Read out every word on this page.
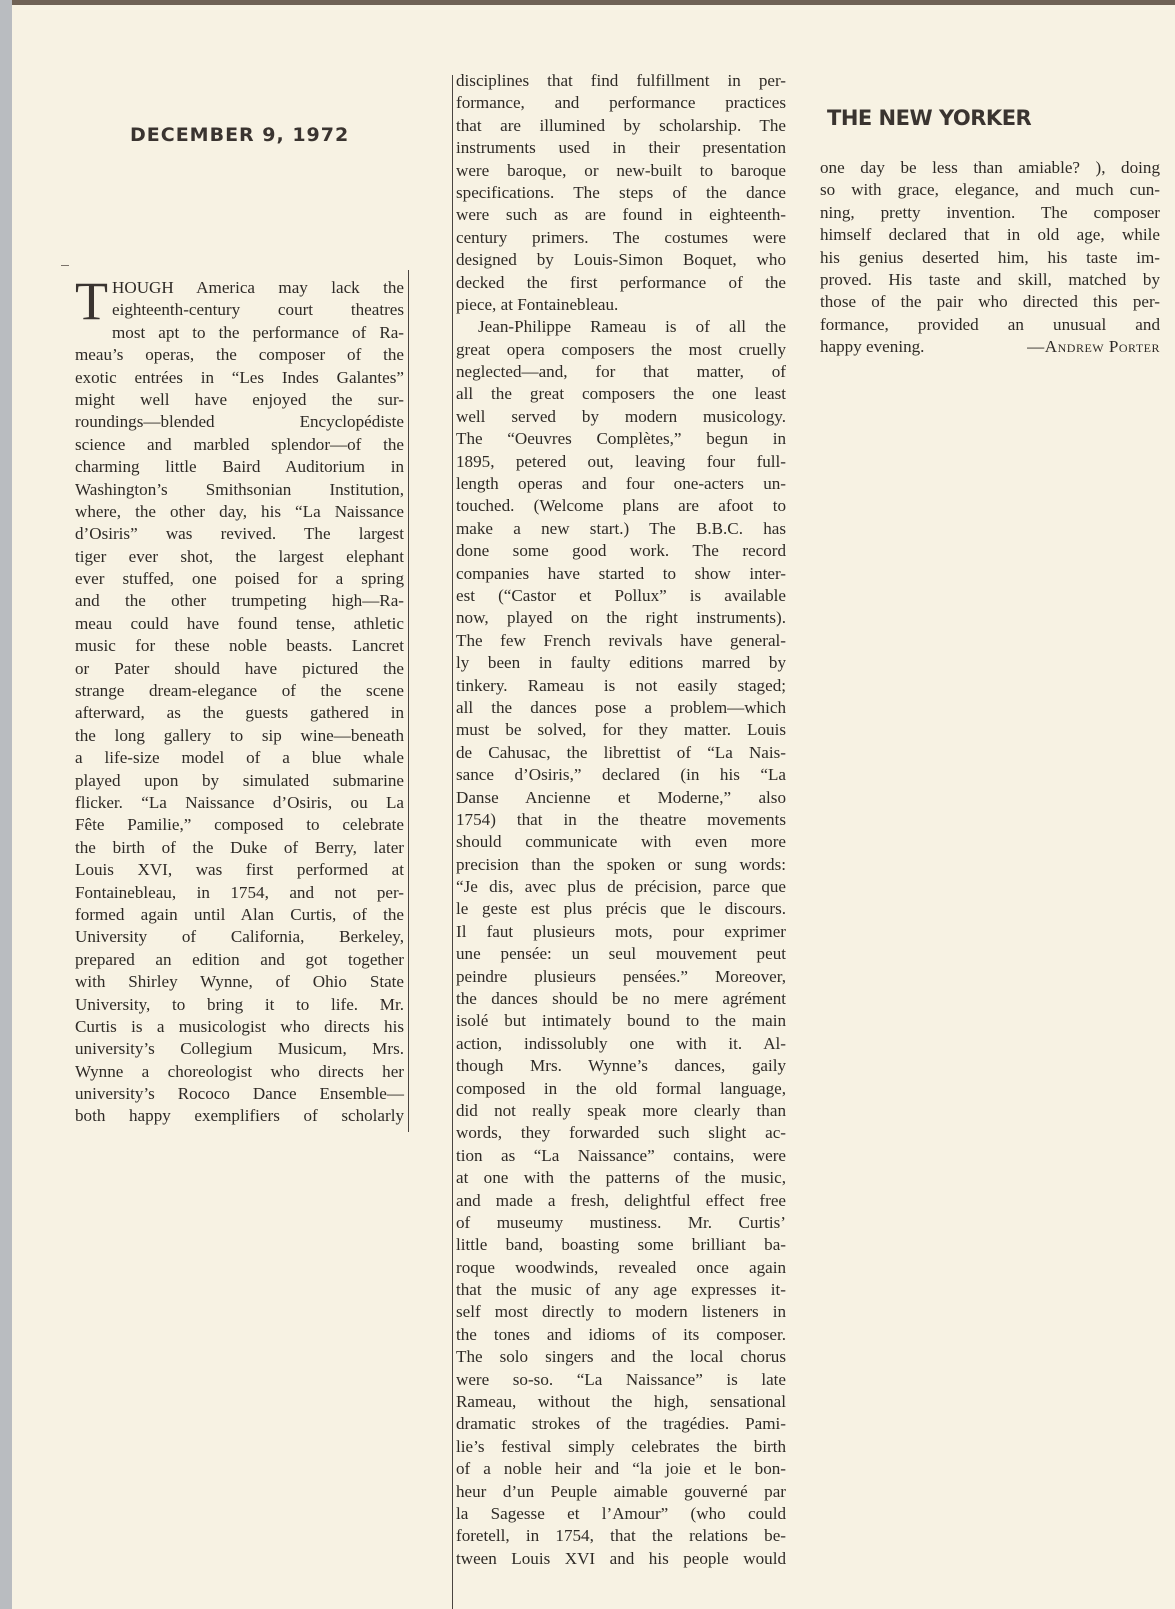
DECEMBER 9, 1972
THE NEW YORKER
T HOUGH America may lack the
eighteenth-century court theatres
most apt to the performance of Ra-
meau’s operas, the composer of the
exotic entrées in “Les Indes Galantes”
might well have enjoyed the sur-
roundings—blended Encyclopédiste
science and marbled splendor—of the
charming little Baird Auditorium in
Washington’s Smithsonian Institution,
where, the other day, his “La Naissance
d’Osiris” was revived. The largest
tiger ever shot, the largest elephant
ever stuffed, one poised for a spring
and the other trumpeting high—Ra-
meau could have found tense, athletic
music for these noble beasts. Lancret
or Pater should have pictured the
strange dream-elegance of the scene
afterward, as the guests gathered in
the long gallery to sip wine—beneath
a life-size model of a blue whale
played upon by simulated submarine
flicker. “La Naissance d’Osiris, ou La
Fête Pamilie,” composed to celebrate
the birth of the Duke of Berry, later
Louis XVI, was first performed at
Fontainebleau, in 1754, and not per-
formed again until Alan Curtis, of the
University of California, Berkeley,
prepared an edition and got together
with Shirley Wynne, of Ohio State
University, to bring it to life. Mr.
Curtis is a musicologist who directs his
university’s Collegium Musicum, Mrs.
Wynne a choreologist who directs her
university’s Rococo Dance Ensemble—
both happy exemplifiers of scholarly
disciplines that find fulfillment in per-
formance, and performance practices
that are illumined by scholarship. The
instruments used in their presentation
were baroque, or new-built to baroque
specifications. The steps of the dance
were such as are found in eighteenth-
century primers. The costumes were
designed by Louis-Simon Boquet, who
decked the first performance of the
piece, at Fontainebleau.
Jean-Philippe Rameau is of all the
great opera composers the most cruelly
neglected—and, for that matter, of
all the great composers the one least
well served by modern musicology.
The “Oeuvres Complètes,” begun in
1895, petered out, leaving four full-
length operas and four one-acters un-
touched. (Welcome plans are afoot to
make a new start.) The B.B.C. has
done some good work. The record
companies have started to show inter-
est (“Castor et Pollux” is available
now, played on the right instruments).
The few French revivals have general-
ly been in faulty editions marred by
tinkery. Rameau is not easily staged;
all the dances pose a problem—which
must be solved, for they matter. Louis
de Cahusac, the librettist of “La Nais-
sance d’Osiris,” declared (in his “La
Danse Ancienne et Moderne,” also
1754) that in the theatre movements
should communicate with even more
precision than the spoken or sung words:
“Je dis, avec plus de précision, parce que
le geste est plus précis que le discours.
Il faut plusieurs mots, pour exprimer
une pensée: un seul mouvement peut
peindre plusieurs pensées.” Moreover,
the dances should be no mere agrément
isolé but intimately bound to the main
action, indissolubly one with it. Al-
though Mrs. Wynne’s dances, gaily
composed in the old formal language,
did not really speak more clearly than
words, they forwarded such slight ac-
tion as “La Naissance” contains, were
at one with the patterns of the music,
and made a fresh, delightful effect free
of museumy mustiness. Mr. Curtis’
little band, boasting some brilliant ba-
roque woodwinds, revealed once again
that the music of any age expresses it-
self most directly to modern listeners in
the tones and idioms of its composer.
The solo singers and the local chorus
were so-so. “La Naissance” is late
Rameau, without the high, sensational
dramatic strokes of the tragédies. Pami-
lie’s festival simply celebrates the birth
of a noble heir and “la joie et le bon-
heur d’un Peuple aimable gouverné par
la Sagesse et l’Amour” (who could
foretell, in 1754, that the relations be-
tween Louis XVI and his people would
one day be less than amiable? ), doing
so with grace, elegance, and much cun-
ning, pretty invention. The composer
himself declared that in old age, while
his genius deserted him, his taste im-
proved. His taste and skill, matched by
those of the pair who directed this per-
formance, provided an unusual and
happy evening.	—Andrew Porter
